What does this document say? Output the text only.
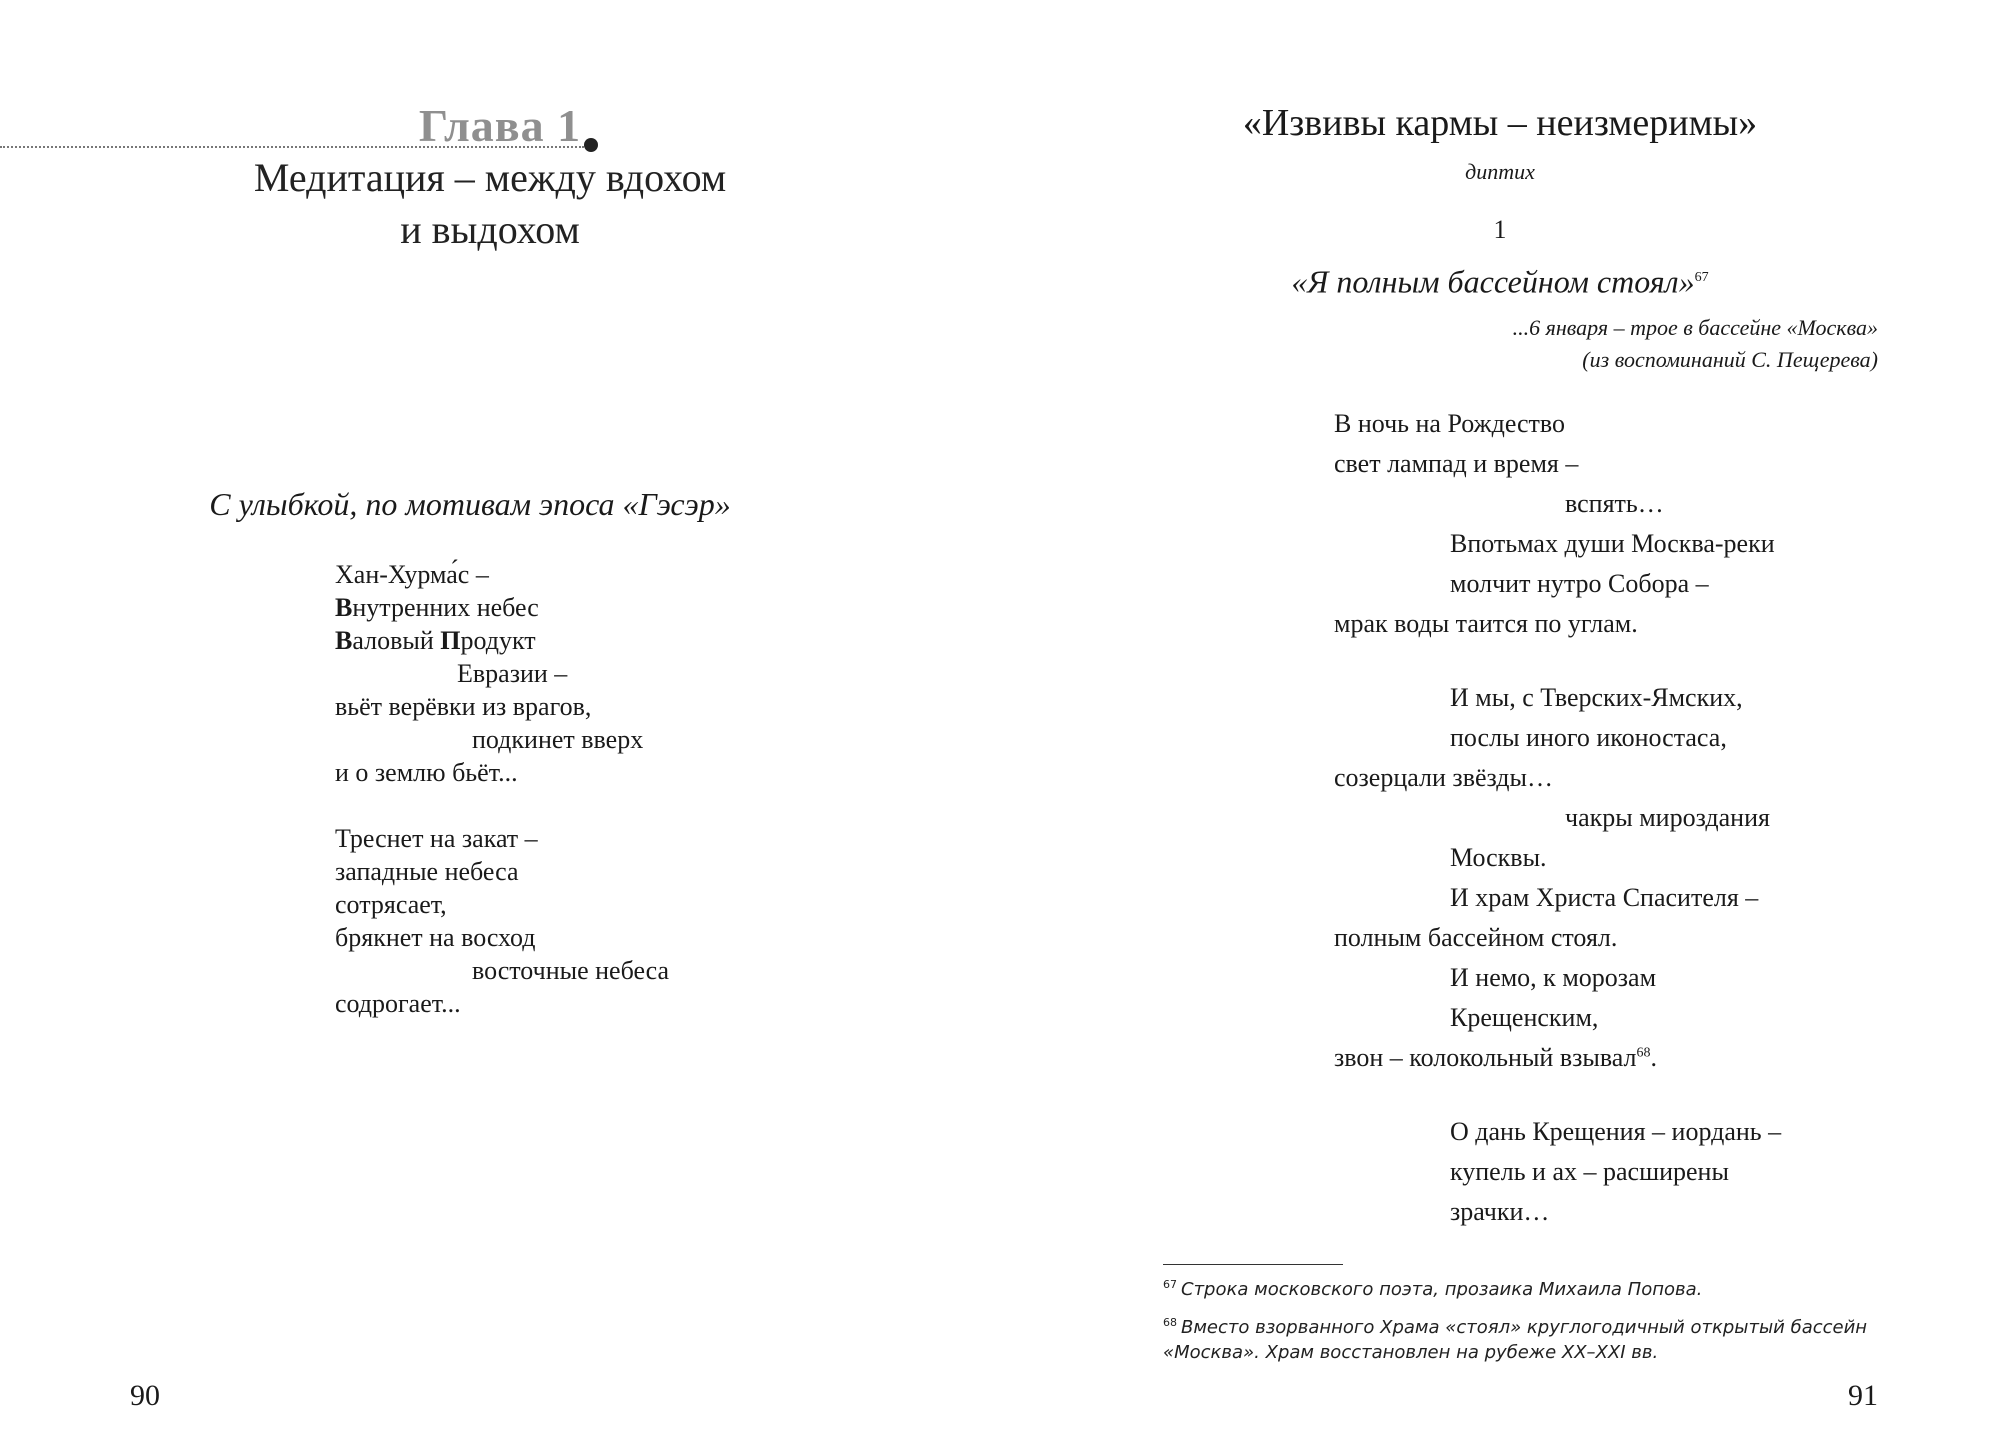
Глава 1
Медитация – между вдохом
и выдохом
С улыбкой, по мотивам эпоса «Гэсэр»
Хан-Хурма́с –
Внутренних небес
Валовый Продукт
Евразии –
вьёт верёвки из врагов,
подкинет вверх
и о землю бьёт...
Треснет на закат –
западные небеса
сотрясает,
брякнет на восход
восточные небеса
содрогает...
90
«Извивы кармы – неизмеримы»
диптих
1
«Я полным бассейном стоял»$^{67}$
...6 января – трое в бассейне «Москва»
(из воспоминаний С. Пещерева)
В ночь на Рождество
свет лампад и время –
вспять…
Впотьмах души Москва-реки
молчит нутро Собора –
мрак воды таится по углам.
И мы, с Тверских-Ямских,
послы иного иконостаса,
созерцали звёзды…
чакры мироздания
Москвы.
И храм Христа Спасителя –
полным бассейном стоял.
И немо, к морозам
Крещенским,
звон – колокольный взывал$^{68}$.
О дань Крещения – иордань –
купель и ах – расширены
зрачки…
$^{67}$ Строка московского поэта, прозаика Михаила Попова.
$^{68}$ Вместо взорванного Храма «стоял» круглогодичный открытый бассейн «Москва». Храм восстановлен на рубеже XX–XXI вв.
91
